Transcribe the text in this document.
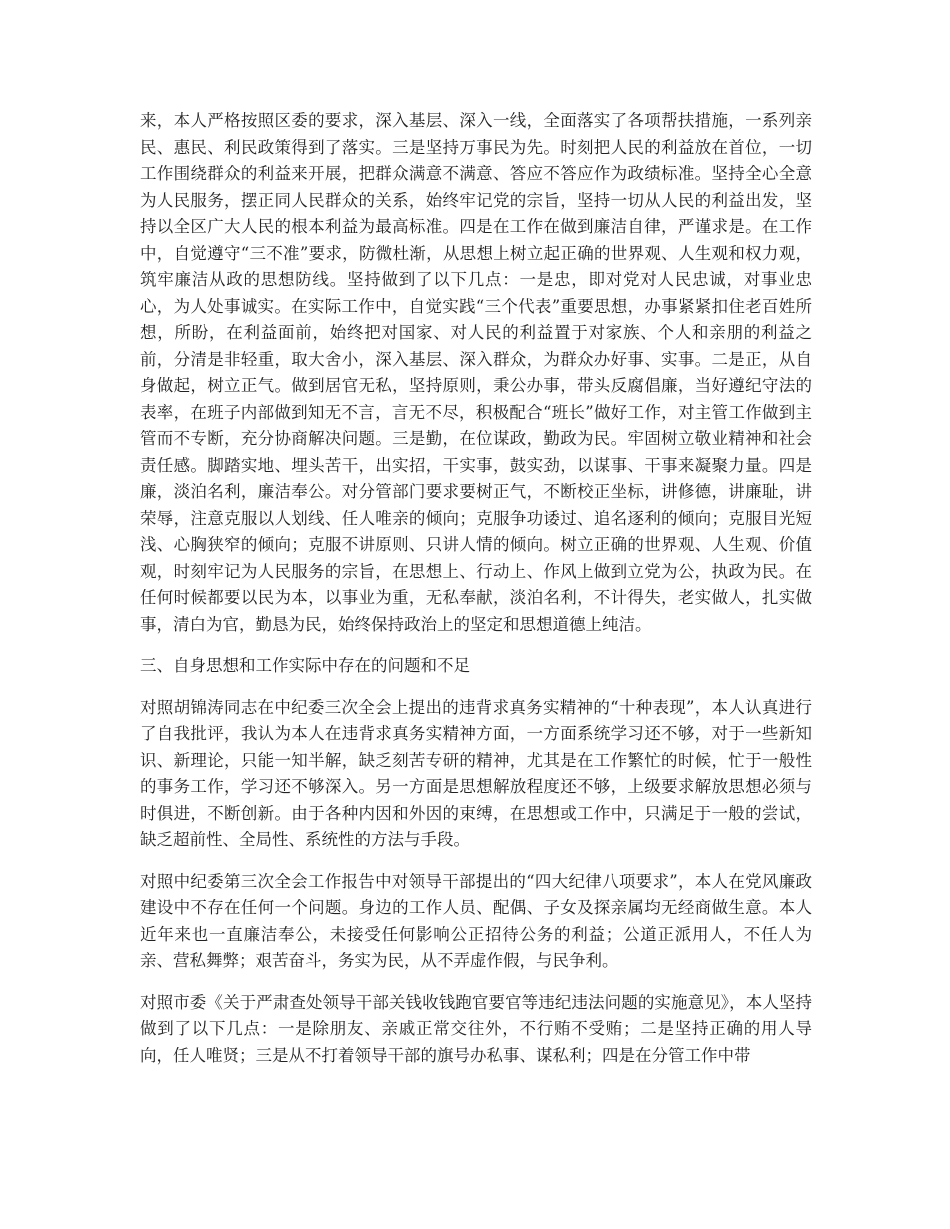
来，本人严格按照区委的要求，深入基层、深入一线，全面落实了各项帮扶措施，一系列亲民、惠民、利民政策得到了落实。三是坚持万事民为先。时刻把人民的利益放在首位，一切工作围绕群众的利益来开展，把群众满意不满意、答应不答应作为政绩标准。坚持全心全意为人民服务，摆正同人民群众的关系，始终牢记党的宗旨，坚持一切从人民的利益出发，坚持以全区广大人民的根本利益为最高标准。四是在工作在做到廉洁自律，严谨求是。在工作中，自觉遵守“三不准”要求，防微杜渐，从思想上树立起正确的世界观、人生观和权力观，筑牢廉洁从政的思想防线。坚持做到了以下几点：一是忠，即对党对人民忠诚，对事业忠心，为人处事诚实。在实际工作中，自觉实践“三个代表”重要思想，办事紧紧扣住老百姓所想，所盼，在利益面前，始终把对国家、对人民的利益置于对家族、个人和亲朋的利益之前，分清是非轻重，取大舍小，深入基层、深入群众，为群众办好事、实事。二是正，从自身做起，树立正气。做到居官无私，坚持原则，秉公办事，带头反腐倡廉，当好遵纪守法的表率，在班子内部做到知无不言，言无不尽，积极配合“班长”做好工作，对主管工作做到主管而不专断，充分协商解决问题。三是勤，在位谋政，勤政为民。牢固树立敬业精神和社会责任感。脚踏实地、埋头苦干，出实招，干实事，鼓实劲，以谋事、干事来凝聚力量。四是廉，淡泊名利，廉洁奉公。对分管部门要求要树正气，不断校正坐标，讲修德，讲廉耻，讲荣辱，注意克服以人划线、任人唯亲的倾向；克服争功诿过、追名逐利的倾向；克服目光短浅、心胸狭窄的倾向；克服不讲原则、只讲人情的倾向。树立正确的世界观、人生观、价值观，时刻牢记为人民服务的宗旨，在思想上、行动上、作风上做到立党为公，执政为民。在任何时候都要以民为本，以事业为重，无私奉献，淡泊名利，不计得失，老实做人，扎实做事，清白为官，勤恳为民，始终保持政治上的坚定和思想道德上纯洁。

三、自身思想和工作实际中存在的问题和不足

对照胡锦涛同志在中纪委三次全会上提出的违背求真务实精神的“十种表现”，本人认真进行了自我批评，我认为本人在违背求真务实精神方面，一方面系统学习还不够，对于一些新知识、新理论，只能一知半解，缺乏刻苦专研的精神，尤其是在工作繁忙的时候，忙于一般性的事务工作，学习还不够深入。另一方面是思想解放程度还不够，上级要求解放思想必须与时俱进，不断创新。由于各种内因和外因的束缚，在思想或工作中，只满足于一般的尝试，缺乏超前性、全局性、系统性的方法与手段。

对照中纪委第三次全会工作报告中对领导干部提出的“四大纪律八项要求”，本人在党风廉政建设中不存在任何一个问题。身边的工作人员、配偶、子女及探亲属均无经商做生意。本人近年来也一直廉洁奉公，未接受任何影响公正招待公务的利益；公道正派用人，不任人为亲、营私舞弊；艰苦奋斗，务实为民，从不弄虚作假，与民争利。

对照市委《关于严肃查处领导干部关钱收钱跑官要官等违纪违法问题的实施意见》，本人坚持做到了以下几点：一是除朋友、亲戚正常交往外，不行贿不受贿；二是坚持正确的用人导向，任人唯贤；三是从不打着领导干部的旗号办私事、谋私利；四是在分管工作中带
